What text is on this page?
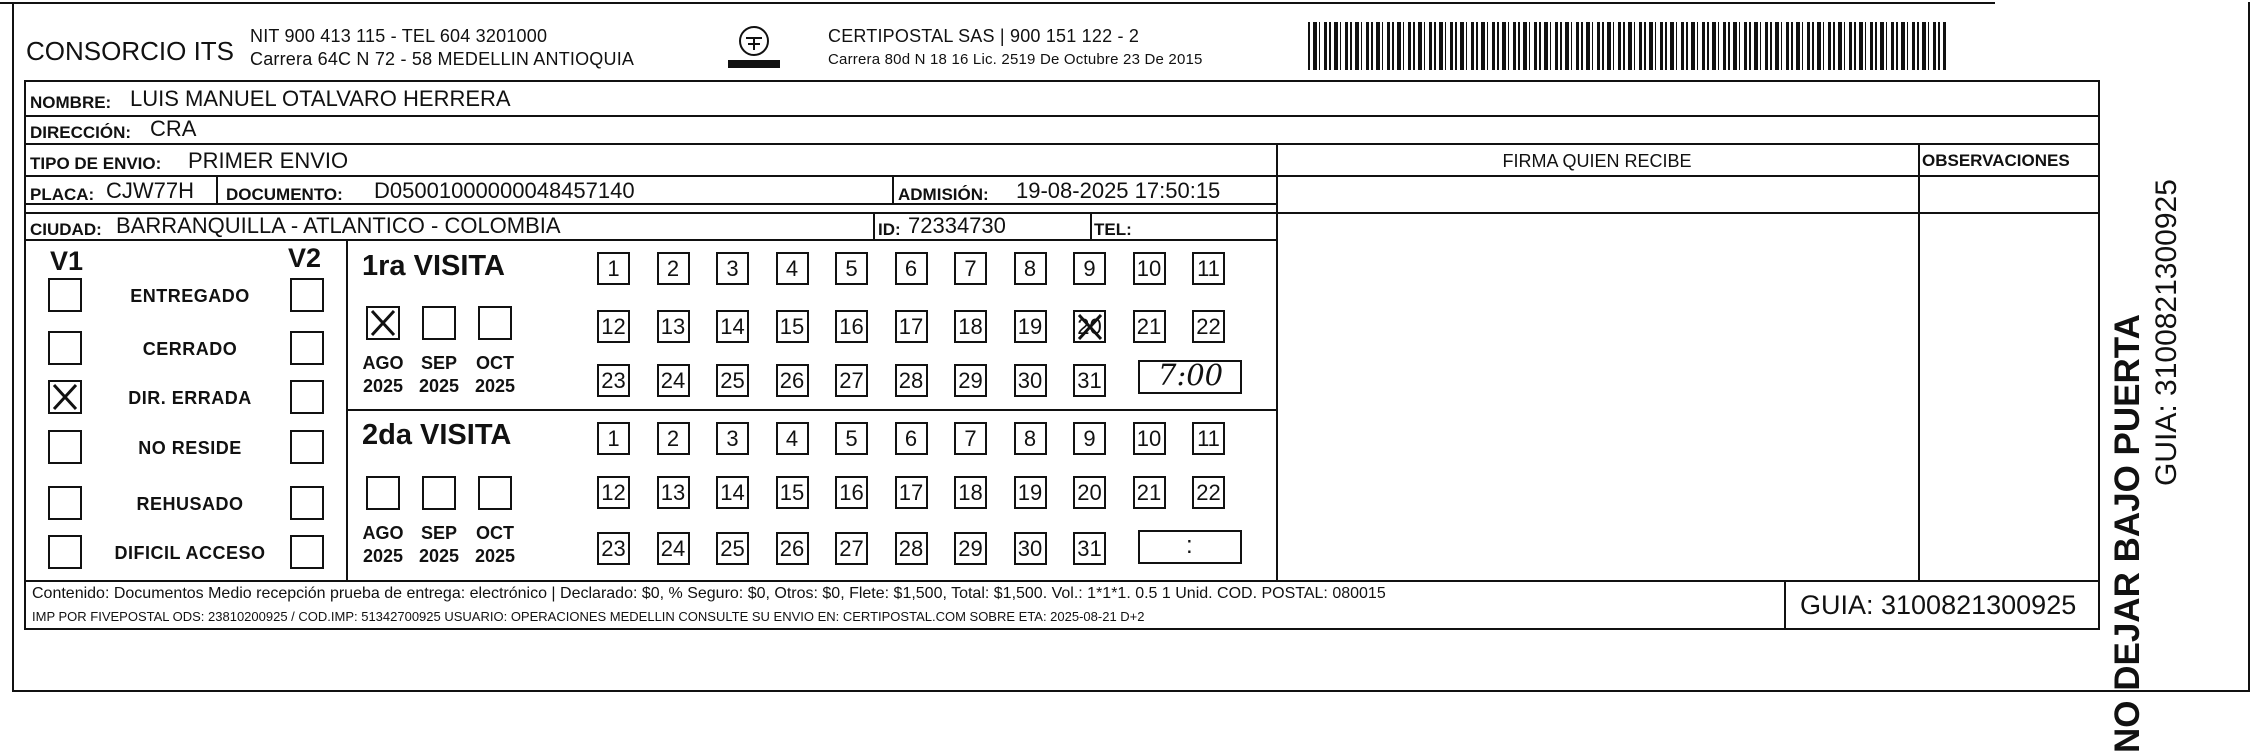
CONSORCIO ITS NIT 900 413 115 - TEL 604 3201000
Carrera 64C N 72 - 58 MEDELLIN ANTIOQUIA
CERTIPOSTAL SAS | 900 151 122 - 2
Carrera 80d N 18 16 Lic. 2519 De Octubre 23 De 2015
NOMBRE: LUIS MANUEL OTALVARO HERRERA
DIRECCIÓN: CRA
TIPO DE ENVIO: PRIMER ENVIO	FIRMA QUIEN RECIBE	OBSERVACIONES
PLACA: CJW77H DOCUMENTO: D05001000000048457140	ADMISIÓN: 19-08-2025 17:50:15
CIUDAD: BARRANQUILLA - ATLANTICO - COLOMBIA	ID: 72334730	TEL:
V1	V2 1ra VISITA
2da VISITA
7:00
:
Contenido: Documentos Medio recepción prueba de entrega: electrónico | Declarado: $0, % Seguro: $0, Otros: $0, Flete: $1,500, Total: $1,500. Vol.: 1*1*1. 0.5 1 Unid. COD. POSTAL: 080015
IMP POR FIVEPOSTAL ODS: 23810200925 / COD.IMP: 51342700925 USUARIO: OPERACIONES MEDELLIN CONSULTE SU ENVIO EN: CERTIPOSTAL.COM SOBRE ETA: 2025-08-21 D+2	GUIA: 3100821300925 NO DEJAR BAJO PUERTA GUIA: 3100821300925
ENTREGADO
CERRADO
DIR. ERRADA
NO RESIDE
REHUSADO
DIFICIL ACCESO
AGO
2025
SEP
2025
OCT
2025
AGO
2025
SEP
2025
OCT
2025
1	2	3	4	5	6	7	8	9	10 11
12 13 14 15 16 17 18 19 20 21 22
23 24 25 26 27 28 29 30 31
1	2	3	4	5	6	7	8	9	10 11
12 13 14 15 16 17 18 19 20 21 22
23 24 25 26 27 28 29 30 31
